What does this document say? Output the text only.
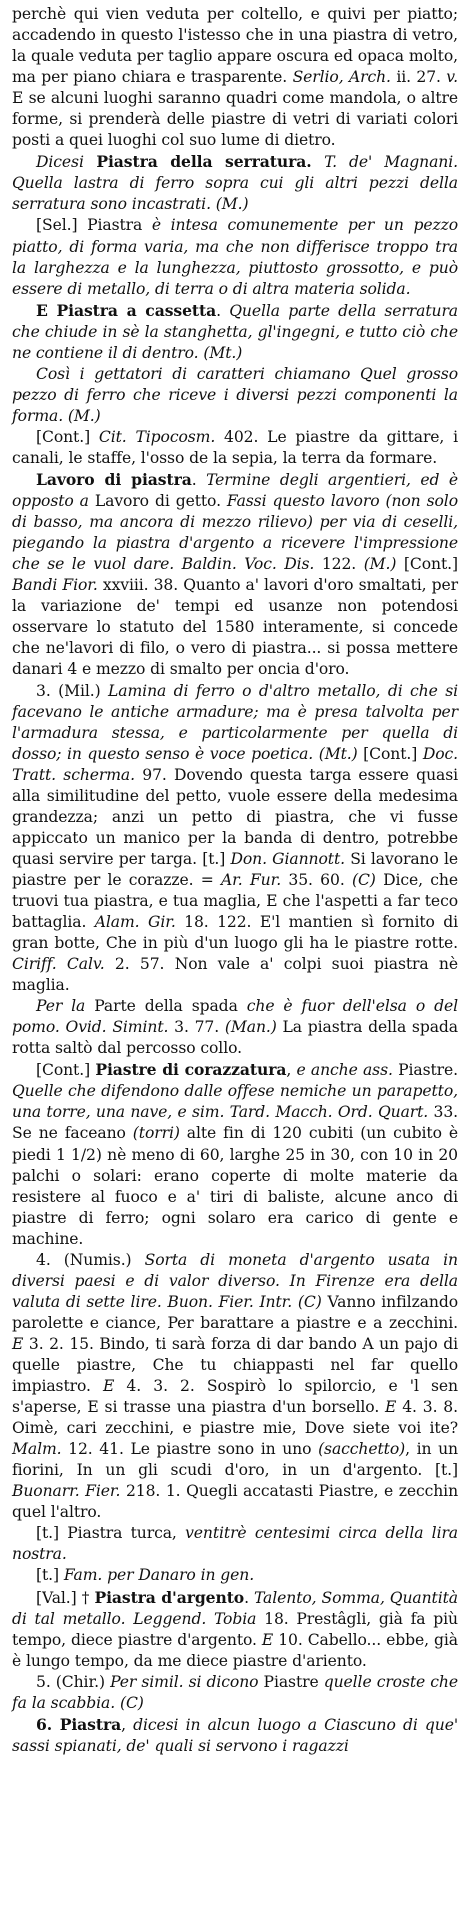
perchè qui vien veduta per coltello, e quivi per piatto; accadendo in questo l'istesso che in una piastra di vetro, la quale veduta per taglio appare oscura ed opaca molto, ma per piano chiara e trasparente. Serlio, Arch. ii. 27. v. E se alcuni luoghi saranno quadri come mandola, o altre forme, si prenderà delle piastre di vetri di variati colori posti a quei luoghi col suo lume di dietro.

Dicesi Piastra della serratura. T. de' Magnani. Quella lastra di ferro sopra cui gli altri pezzi della serratura sono incastrati. (M.)

[Sel.] Piastra è intesa comunemente per un pezzo piatto, di forma varia, ma che non differisce troppo tra la larghezza e la lunghezza, piuttosto grossotto, e può essere di metallo, di terra o di altra materia solida.

E Piastra a cassetta. Quella parte della serratura che chiude in sè la stanghetta, gl'ingegni, e tutto ciò che ne contiene il di dentro. (Mt.)

Così i gettatori di caratteri chiamano Quel grosso pezzo di ferro che riceve i diversi pezzi componenti la forma. (M.)

[Cont.] Cit. Tipocosm. 402. Le piastre da gittare, i canali, le staffe, l'osso de la sepia, la terra da formare.

Lavoro di piastra. Termine degli argentieri, ed è opposto a Lavoro di getto. Fassi questo lavoro (non solo di basso, ma ancora di mezzo rilievo) per via di ceselli, piegando la piastra d'argento a ricevere l'impressione che se le vuol dare. Baldin. Voc. Dis. 122. (M.) [Cont.] Bandi Fior. xxviii. 38. Quanto a' lavori d'oro smaltati, per la variazione de' tempi ed usanze non potendosi osservare lo statuto del 1580 interamente, si concede che ne'lavori di filo, o vero di piastra... si possa mettere danari 4 e mezzo di smalto per oncia d'oro.

3. (Mil.) Lamina di ferro o d'altro metallo, di che si facevano le antiche armadure; ma è presa talvolta per l'armadura stessa, e particolarmente per quella di dosso; in questo senso è voce poetica. (Mt.) [Cont.] Doc. Tratt. scherma. 97. Dovendo questa targa essere quasi alla similitudine del petto, vuole essere della medesima grandezza; anzi un petto di piastra, che vi fusse appiccato un manico per la banda di dentro, potrebbe quasi servire per targa. [t.] Don. Giannott. Si lavorano le piastre per le corazze. = Ar. Fur. 35. 60. (C) Dice, che truovi tua piastra, e tua maglia, E che l'aspetti a far teco battaglia. Alam. Gir. 18. 122. E'l mantien sì fornito di gran botte, Che in più d'un luogo gli ha le piastre rotte. Ciriff. Calv. 2. 57. Non vale a' colpi suoi piastra nè maglia.

Per la Parte della spada che è fuor dell'elsa o del pomo. Ovid. Simint. 3. 77. (Man.) La piastra della spada rotta saltò dal percosso collo.

[Cont.] Piastre di corazzatura, e anche ass. Piastre. Quelle che difendono dalle offese nemiche un parapetto, una torre, una nave, e sim. Tard. Macch. Ord. Quart. 33. Se ne faceano (torri) alte fin di 120 cubiti (un cubito è piedi 1 1/2) nè meno di 60, larghe 25 in 30, con 10 in 20 palchi o solari: erano coperte di molte materie da resistere al fuoco e a' tiri di baliste, alcune anco di piastre di ferro; ogni solaro era carico di gente e machine.

4. (Numis.) Sorta di moneta d'argento usata in diversi paesi e di valor diverso. In Firenze era della valuta di sette lire. Buon. Fier. Intr. (C) Vanno infilzando parolette e ciance, Per barattare a piastre e a zecchini. E 3. 2. 15. Bindo, ti sarà forza di dar bando A un pajo di quelle piastre, Che tu chiappasti nel far quello impiastro. E 4. 3. 2. Sospirò lo spilorcio, e 'l sen s'aperse, E si trasse una piastra d'un borsello. E 4. 3. 8. Oimè, cari zecchini, e piastre mie, Dove siete voi ite? Malm. 12. 41. Le piastre sono in uno (sacchetto), in un fiorini, In un gli scudi d'oro, in un d'argento. [t.] Buonarr. Fier. 218. 1. Quegli accatasti Piastre, e zecchin quel l'altro.

[t.] Piastra turca, ventitrè centesimi circa della lira nostra.

[t.] Fam. per Danaro in gen.

[Val.] † Piastra d'argento. Talento, Somma, Quantità di tal metallo. Leggend. Tobia 18. Prestâgli, già fa più tempo, diece piastre d'argento. E 10. Cabello... ebbe, già è lungo tempo, da me diece piastre d'ariento.

5. (Chir.) Per simil. si dicono Piastre quelle croste che fa la scabbia. (C)

6. Piastra, dicesi in alcun luogo a Ciascuno di que' sassi spianati, de' quali si servono i ragazzi
